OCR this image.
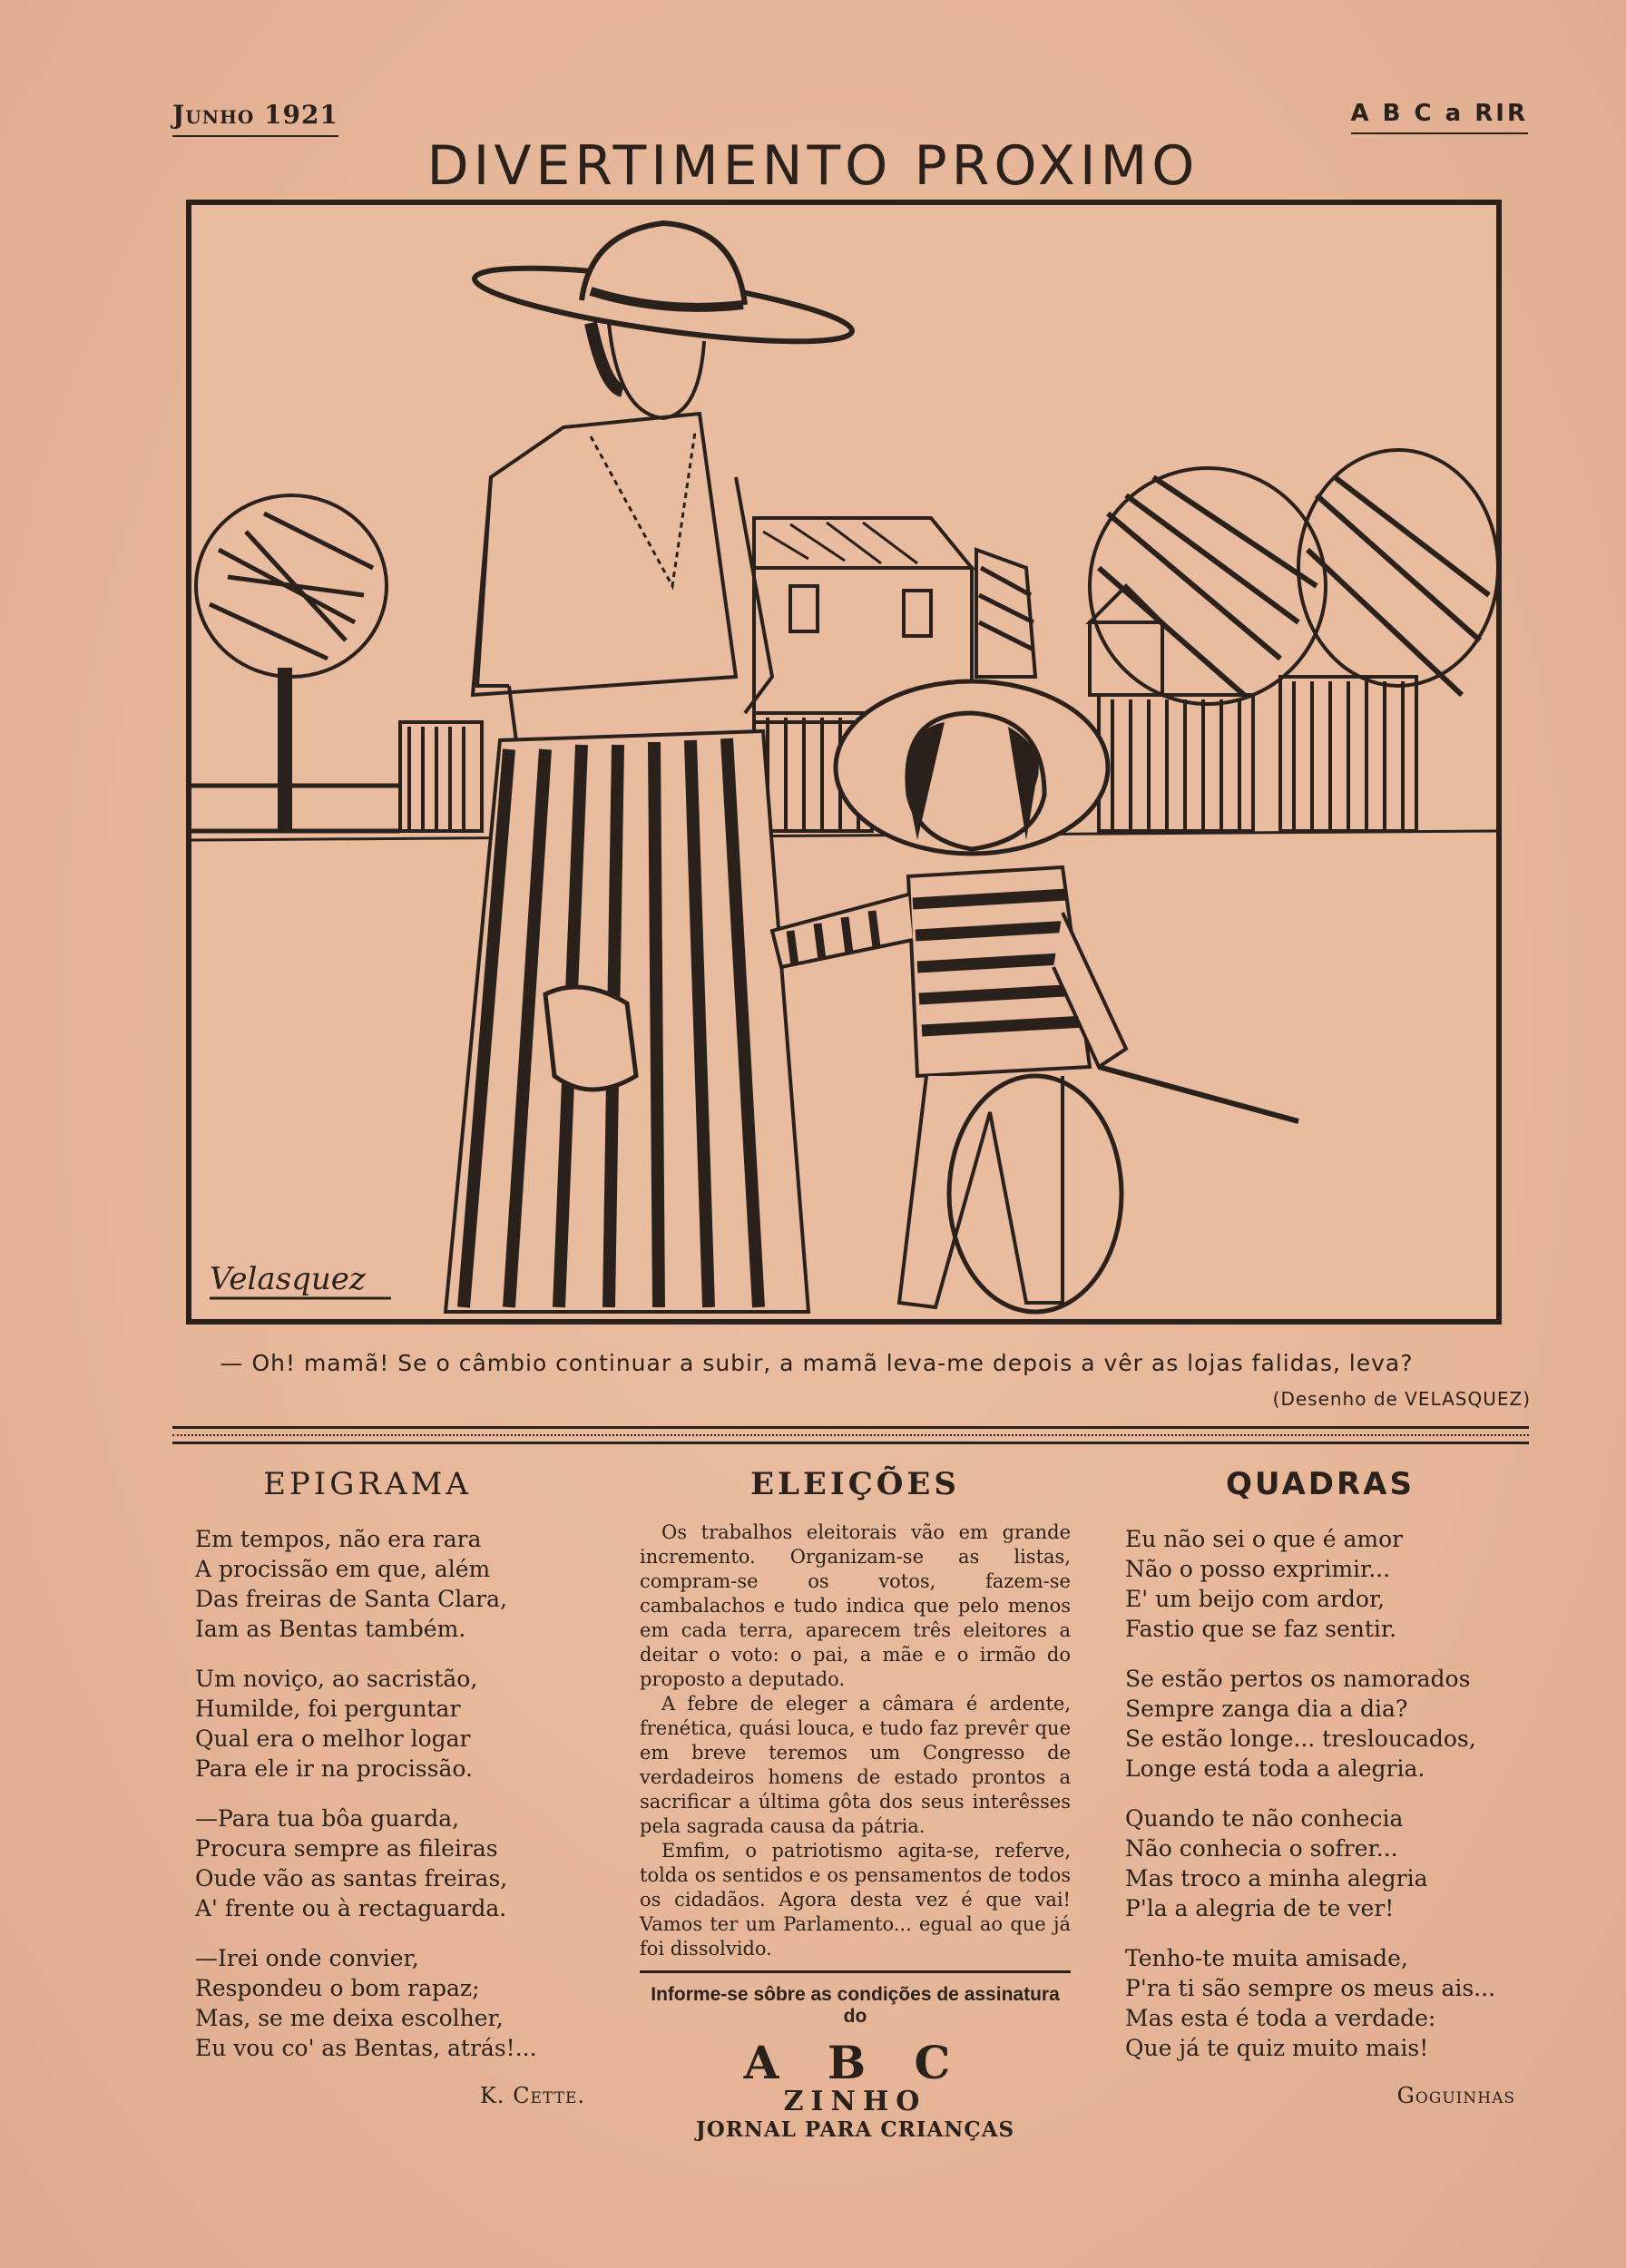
Junho 1921	A B C a RIR
DIVERTIMENTO PROXIMO
Velasquez
— Oh! mamã! Se o câmbio continuar a subir, a mamã leva-me depois a vêr as lojas falidas, leva?
(Desenho de VELASQUEZ)
EPIGRAMA
Em tempos, não era rara
A procissão em que, além
Das freiras de Santa Clara,
Iam as Bentas também.
Um noviço, ao sacristão,
Humilde, foi perguntar
Qual era o melhor logar
Para ele ir na procissão.
—Para tua bôa guarda,
Procura sempre as fileiras
Oude vão as santas freiras,
A' frente ou à rectaguarda.
—Irei onde convier,
Respondeu o bom rapaz;
Mas, se me deixa escolher,
Eu vou co' as Bentas, atrás!...
K. Cette.
ELEIÇÕES

Os trabalhos eleitorais vão em grande incremento. Organizam-se as listas, compram-se os votos, fazem-se cambalachos e tudo indica que pelo menos em cada terra, aparecem três eleitores a deitar o voto: o pai, a mãe e o irmão do proposto a deputado.

A febre de eleger a câmara é ardente, frenética, quási louca, e tudo faz prevêr que em breve teremos um Congresso de verdadeiros homens de estado prontos a sacrificar a última gôta dos seus interêsses pela sagrada causa da pátria.

Emfim, o patriotismo agita-se, referve, tolda os sentidos e os pensamentos de todos os cidadãos. Agora desta vez é que vai! Vamos ter um Parlamento... egual ao que já foi dissolvido.

Informe-se sôbre as condições de assinatura do
A B C
ZINHO
JORNAL PARA CRIANÇAS
QUADRAS
Eu não sei o que é amor
Não o posso exprimir...
E' um beijo com ardor,
Fastio que se faz sentir.
Se estão pertos os namorados
Sempre zanga dia a dia?
Se estão longe... tresloucados,
Longe está toda a alegria.
Quando te não conhecia
Não conhecia o sofrer...
Mas troco a minha alegria
P'la a alegria de te ver!
Tenho-te muita amisade,
P'ra ti são sempre os meus ais...
Mas esta é toda a verdade:
Que já te quiz muito mais!
Goguinhas
